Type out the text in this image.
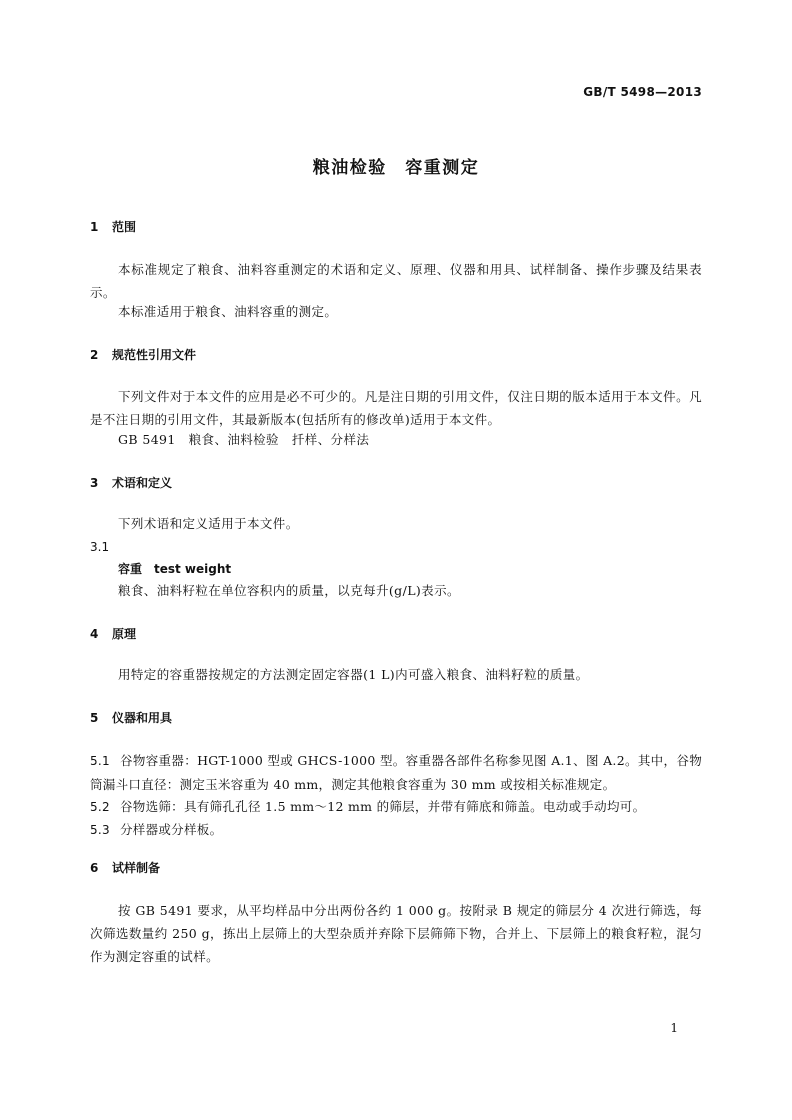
GB/T 5498—2013
粮油检验　容重测定
1 范围
本标准规定了粮食、油料容重测定的术语和定义、原理、仪器和用具、试样制备、操作步骤及结果表示。
本标准适用于粮食、油料容重的测定。
2 规范性引用文件
下列文件对于本文件的应用是必不可少的。凡是注日期的引用文件，仅注日期的版本适用于本文件。凡是不注日期的引用文件，其最新版本(包括所有的修改单)适用于本文件。
GB 5491　粮食、油料检验　扦样、分样法
3 术语和定义
下列术语和定义适用于本文件。
3.1
容重　test weight
粮食、油料籽粒在单位容积内的质量，以克每升(g/L)表示。
4 原理
用特定的容重器按规定的方法测定固定容器(1 L)内可盛入粮食、油料籽粒的质量。
5 仪器和用具
5.1 谷物容重器：HGT-1000 型或 GHCS-1000 型。容重器各部件名称参见图 A.1、图 A.2。其中，谷物筒漏斗口直径：测定玉米容重为 40 mm，测定其他粮食容重为 30 mm 或按相关标准规定。
5.2 谷物选筛：具有筛孔孔径 1.5 mm～12 mm 的筛层，并带有筛底和筛盖。电动或手动均可。
5.3 分样器或分样板。
6 试样制备
按 GB 5491 要求，从平均样品中分出两份各约 1 000 g。按附录 B 规定的筛层分 4 次进行筛选，每次筛选数量约 250 g，拣出上层筛上的大型杂质并弃除下层筛筛下物，合并上、下层筛上的粮食籽粒，混匀作为测定容重的试样。
1
